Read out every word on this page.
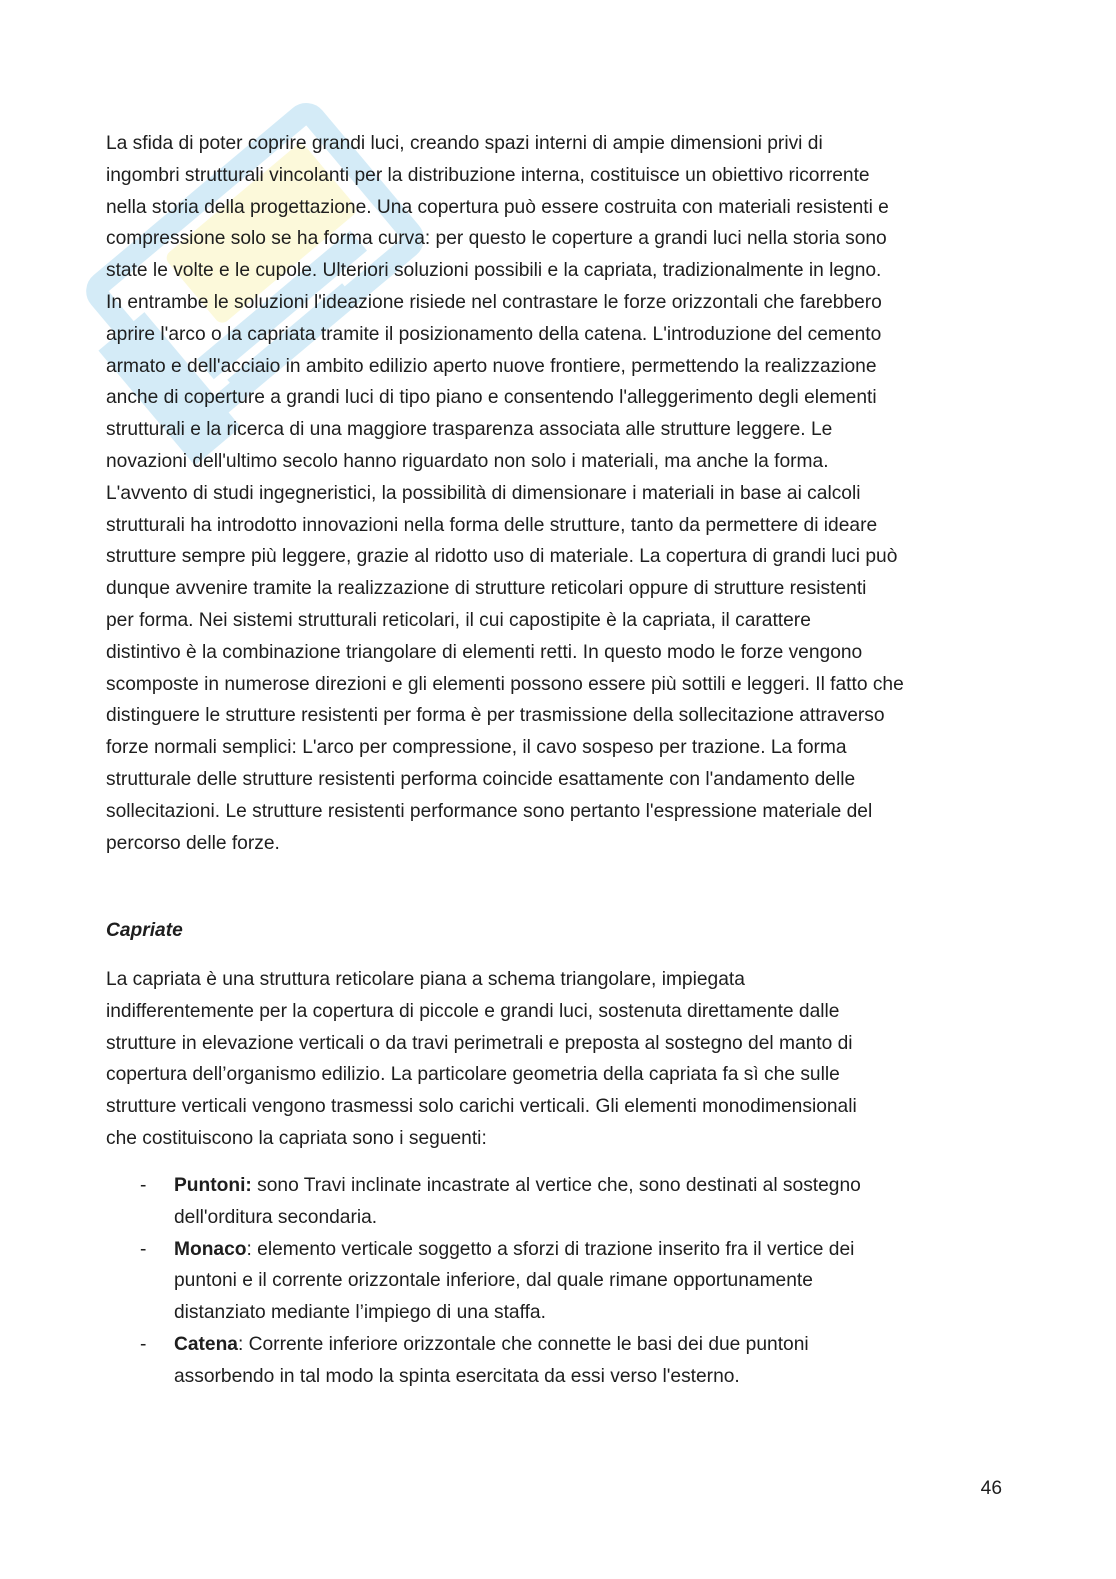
La sfida di poter coprire grandi luci, creando spazi interni di ampie dimensioni privi di
ingombri strutturali vincolanti per la distribuzione interna, costituisce un obiettivo ricorrente
nella storia della progettazione. Una copertura può essere costruita con materiali resistenti e
compressione solo se ha forma curva: per questo le coperture a grandi luci nella storia sono
state le volte e le cupole. Ulteriori soluzioni possibili e la capriata, tradizionalmente in legno.
In entrambe le soluzioni l'ideazione risiede nel contrastare le forze orizzontali che farebbero
aprire l'arco o la capriata tramite il posizionamento della catena. L'introduzione del cemento
armato e dell'acciaio in ambito edilizio aperto nuove frontiere, permettendo la realizzazione
anche di coperture a grandi luci di tipo piano e consentendo l'alleggerimento degli elementi
strutturali e la ricerca di una maggiore trasparenza associata alle strutture leggere. Le
novazioni dell'ultimo secolo hanno riguardato non solo i materiali, ma anche la forma.
L'avvento di studi ingegneristici, la possibilità di dimensionare i materiali in base ai calcoli
strutturali ha introdotto innovazioni nella forma delle strutture, tanto da permettere di ideare
strutture sempre più leggere, grazie al ridotto uso di materiale. La copertura di grandi luci può
dunque avvenire tramite la realizzazione di strutture reticolari oppure di strutture resistenti
per forma. Nei sistemi strutturali reticolari, il cui capostipite è la capriata, il carattere
distintivo è la combinazione triangolare di elementi retti. In questo modo le forze vengono
scomposte in numerose direzioni e gli elementi possono essere più sottili e leggeri. Il fatto che
distinguere le strutture resistenti per forma è per trasmissione della sollecitazione attraverso
forze normali semplici: L'arco per compressione, il cavo sospeso per trazione. La forma
strutturale delle strutture resistenti performa coincide esattamente con l'andamento delle
sollecitazioni. Le strutture resistenti performance sono pertanto l'espressione materiale del
percorso delle forze.

Capriate

La capriata è una struttura reticolare piana a schema triangolare, impiegata
indifferentemente per la copertura di piccole e grandi luci, sostenuta direttamente dalle
strutture in elevazione verticali o da travi perimetrali e preposta al sostegno del manto di
copertura dell’organismo edilizio. La particolare geometria della capriata fa sì che sulle
strutture verticali vengono trasmessi solo carichi verticali. Gli elementi monodimensionali
che costituiscono la capriata sono i seguenti:

- Puntoni: sono Travi inclinate incastrate al vertice che, sono destinati al sostegno
dell'orditura secondaria.
- Monaco: elemento verticale soggetto a sforzi di trazione inserito fra il vertice dei
puntoni e il corrente orizzontale inferiore, dal quale rimane opportunamente
distanziato mediante l’impiego di una staffa.
- Catena: Corrente inferiore orizzontale che connette le basi dei due puntoni
assorbendo in tal modo la spinta esercitata da essi verso l'esterno.
46
